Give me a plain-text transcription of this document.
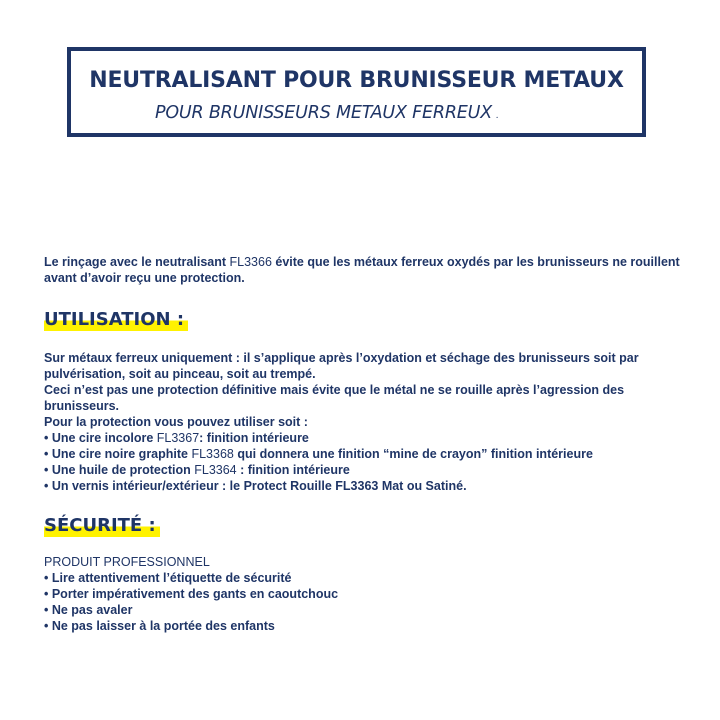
NEUTRALISANT POUR BRUNISSEUR METAUX
POUR BRUNISSEURS METAUX FERREUX .

Le rinçage avec le neutralisant FL3366 évite que les métaux ferreux oxydés par les brunisseurs ne rouillent avant d’avoir reçu une protection.

UTILISATION :

Sur métaux ferreux uniquement : il s’applique après l’oxydation et séchage des brunisseurs soit par pulvérisation, soit au pinceau, soit au trempé.

Ceci n’est pas une protection définitive mais évite que le métal ne se rouille après l’agression des brunisseurs.

Pour la protection vous pouvez utiliser soit :

• Une cire incolore FL3367: finition intérieure
• Une cire noire graphite FL3368 qui donnera une finition “mine de crayon” finition intérieure
• Une huile de protection FL3364 : finition intérieure
• Un vernis intérieur/extérieur : le Protect Rouille FL3363 Mat ou Satiné.
SÉCURITÉ :

PRODUIT PROFESSIONNEL

• Lire attentivement l’étiquette de sécurité
• Porter impérativement des gants en caoutchouc
• Ne pas avaler
• Ne pas laisser à la portée des enfants
